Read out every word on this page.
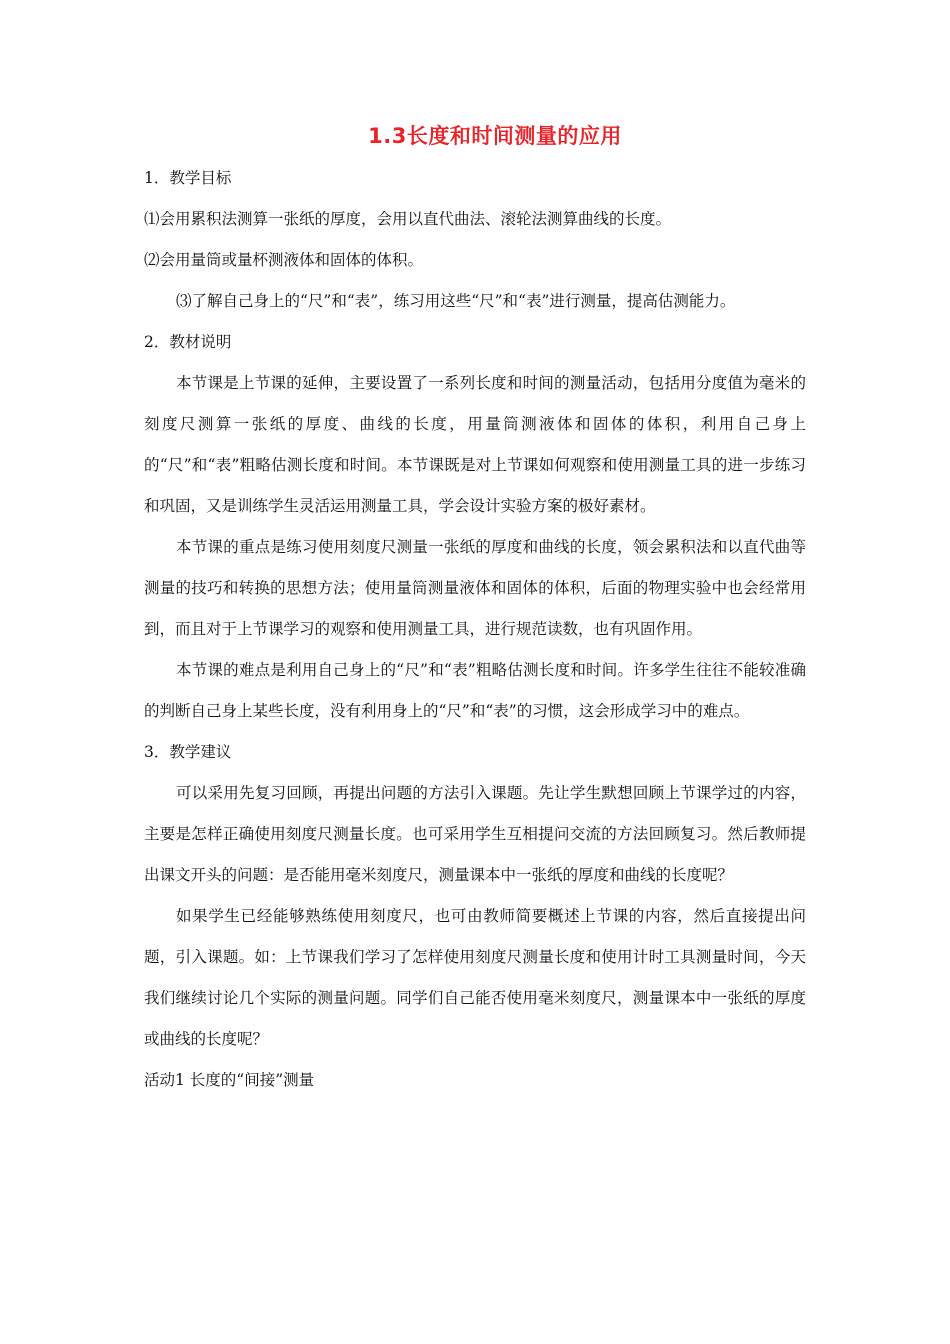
1.3长度和时间测量的应用

1．教学目标

⑴会用累积法测算一张纸的厚度，会用以直代曲法、滚轮法测算曲线的长度。

⑵会用量筒或量杯测液体和固体的体积。

⑶了解自己身上的“尺”和“表”，练习用这些“尺”和“表”进行测量，提高估测能力。

2．教材说明

本节课是上节课的延伸，主要设置了一系列长度和时间的测量活动，包括用分度值为毫米的刻度尺测算一张纸的厚度、曲线的长度，用量筒测液体和固体的体积，利用自己身上的“尺”和“表”粗略估测长度和时间。本节课既是对上节课如何观察和使用测量工具的进一步练习和巩固，又是训练学生灵活运用测量工具，学会设计实验方案的极好素材。

本节课的重点是练习使用刻度尺测量一张纸的厚度和曲线的长度，领会累积法和以直代曲等测量的技巧和转换的思想方法；使用量筒测量液体和固体的体积，后面的物理实验中也会经常用到，而且对于上节课学习的观察和使用测量工具，进行规范读数，也有巩固作用。

本节课的难点是利用自己身上的“尺”和“表”粗略估测长度和时间。许多学生往往不能较准确的判断自己身上某些长度，没有利用身上的“尺”和“表”的习惯，这会形成学习中的难点。

3．教学建议

可以采用先复习回顾，再提出问题的方法引入课题。先让学生默想回顾上节课学过的内容，主要是怎样正确使用刻度尺测量长度。也可采用学生互相提问交流的方法回顾复习。然后教师提出课文开头的问题：是否能用毫米刻度尺，测量课本中一张纸的厚度和曲线的长度呢？

如果学生已经能够熟练使用刻度尺，也可由教师简要概述上节课的内容，然后直接提出问题，引入课题。如：上节课我们学习了怎样使用刻度尺测量长度和使用计时工具测量时间，今天我们继续讨论几个实际的测量问题。同学们自己能否使用毫米刻度尺，测量课本中一张纸的厚度或曲线的长度呢？

活动1 长度的“间接”测量
